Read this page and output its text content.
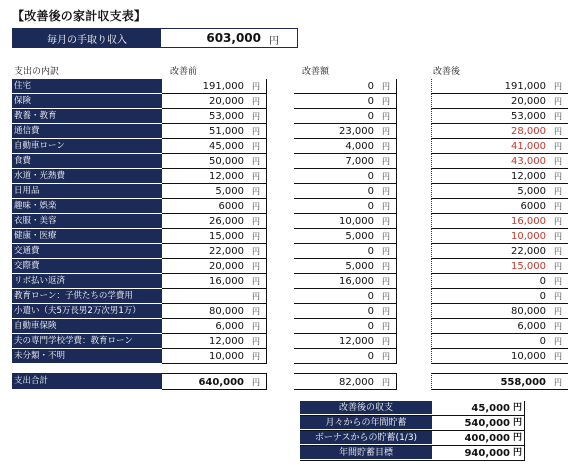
【改善後の家計収支表】
毎月の手取り収入	603,000 円
支出の内訳	改善前	改善額	改善後
住宅	191,000 円	0 円	191,000 円
保険	20,000 円	0 円	20,000 円
教養・教育	53,000 円	0 円	53,000 円
通信費	51,000 円	23,000 円	28,000 円
自動車ローン	45,000 円	4,000 円	41,000 円
食費	50,000 円	7,000 円	43,000 円
水道・光熱費	12,000 円	0 円	12,000 円
日用品	5,000 円	0 円	5,000 円
趣味・娯楽	6000 円	0 円	6000 円
衣服・美容	26,000 円	10,000 円	16,000 円
健康・医療	15,000 円	5,000 円	10,000 円
交通費	22,000 円	0 円	22,000 円
交際費	20,000 円	5,000 円	15,000 円
リボ払い返済	16,000 円	16,000 円	0 円
教育ローン：子供たちの学費用	円	0 円	0 円
小遣い（夫5万長男2万次男1万）	80,000 円	0 円	80,000 円
自動車保険	6,000 円	0 円	6,000 円
夫の専門学校学費：教育ローン	12,000 円	12,000 円	0 円
未分類・不明	10,000 円	0 円	10,000 円
支出合計	640,000 円	82,000 円	558,000 円
改善後の収支	45,000 円
月々からの年間貯蓄	540,000 円
ボーナスからの貯蓄(1/3)	400,000 円
年間貯蓄目標	940,000 円
